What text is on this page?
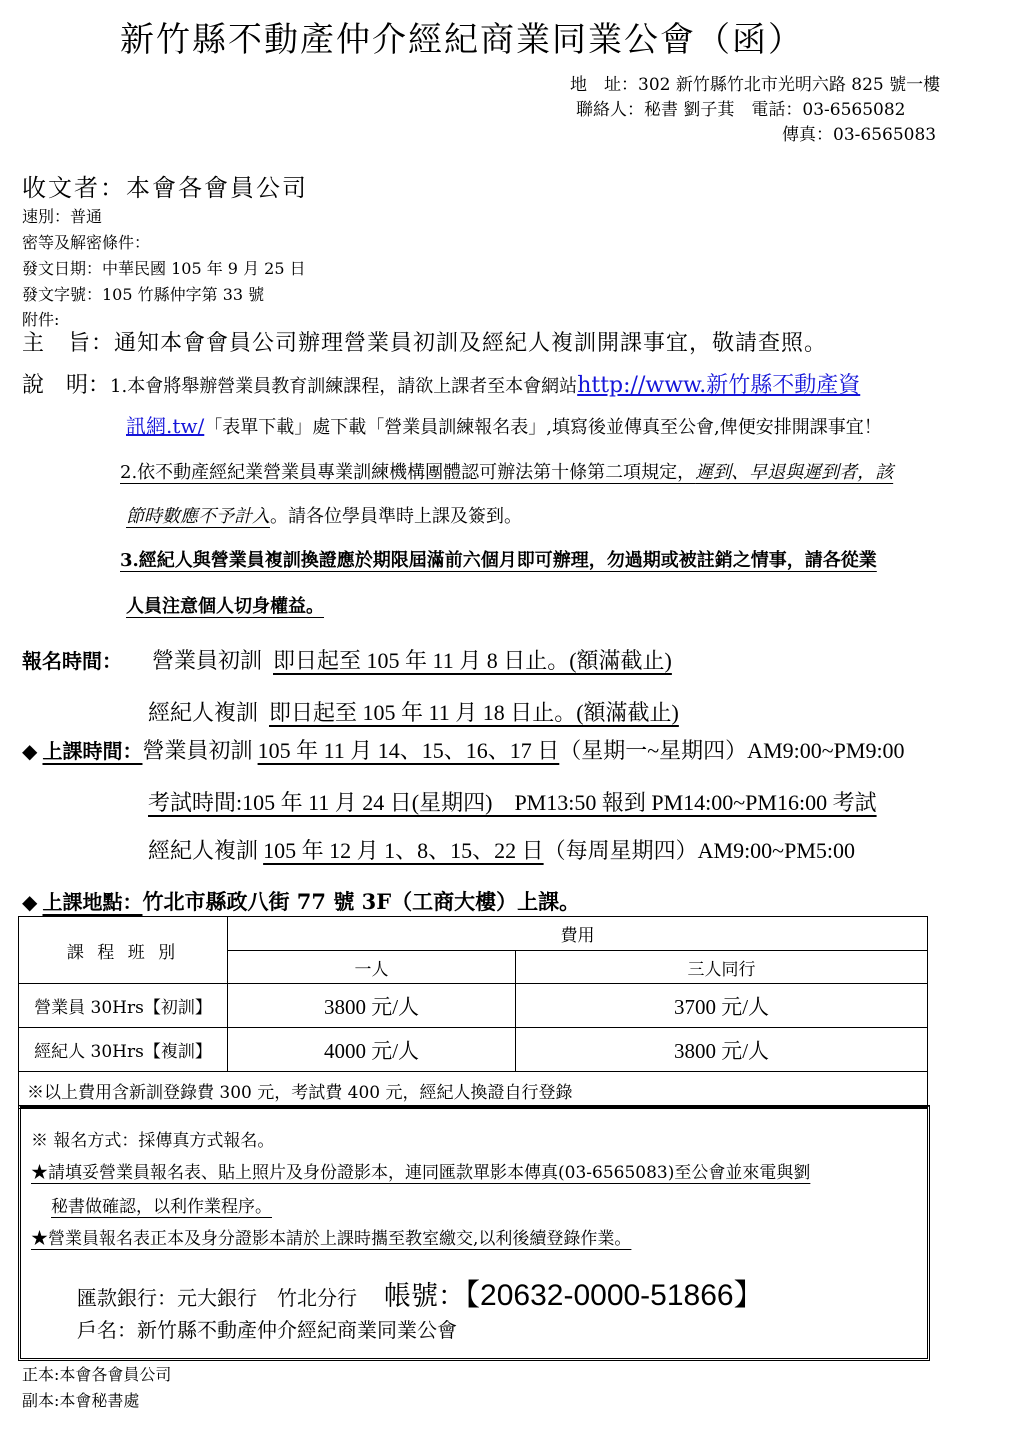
新竹縣不動產仲介經紀商業同業公會（函）
地　址：302 新竹縣竹北市光明六路 825 號一樓
聯絡人：秘書 劉子萁　電話：03-6565082
傳真：03-6565083
收文者：本會各會員公司
速別：普通
密等及解密條件：
發文日期：中華民國 105 年 9 月 25 日
發文字號：105 竹縣仲字第 33 號
附件:
主　旨：通知本會會員公司辦理營業員初訓及經紀人複訓開課事宜，敬請查照。
說　明：1.本會將舉辦營業員教育訓練課程，請欲上課者至本會網站http://www.新竹縣不動產資
訊網.tw/「表單下載」處下載「營業員訓練報名表」,填寫後並傳真至公會,俾便安排開課事宜！
2.依不動產經紀業營業員專業訓練機構團體認可辦法第十條第二項規定，遲到、早退與遲到者，該
節時數應不予計入。請各位學員準時上課及簽到。
3.經紀人與營業員複訓換證應於期限屆滿前六個月即可辦理，勿過期或被註銷之情事，請各從業
人員注意個人切身權益。
報名時間： 營業員初訓 即日起至 105 年 11 月 8 日止。(額滿截止)
經紀人複訓 即日起至 105 年 11 月 18 日止。(額滿截止)
◆ 上課時間：營業員初訓 105 年 11 月 14、15、16、17 日（星期一~星期四）AM9:00~PM9:00
考試時間:105 年 11 月 24 日(星期四)　PM13:50 報到 PM14:00~PM16:00 考試
經紀人複訓 105 年 12 月 1、8、15、22 日（每周星期四）AM9:00~PM5:00
◆ 上課地點：竹北市縣政八街 77 號 3F（工商大樓）上課。
課 程 班 別	費用	
	一人	三人同行
營業員 30Hrs【初訓】	3800 元/人	3700 元/人
經紀人 30Hrs【複訓】	4000 元/人	3800 元/人
※以上費用含新訓登錄費 300 元，考試費 400 元，經紀人換證自行登錄		
※ 報名方式：採傳真方式報名。
★請填妥營業員報名表、貼上照片及身份證影本，連同匯款單影本傳真(03-6565083)至公會並來電與劉
秘書做確認，以利作業程序。
★營業員報名表正本及身分證影本請於上課時攜至教室繳交,以利後續登錄作業。
匯款銀行：元大銀行　竹北分行 帳號：【20632-0000-51866】
戶名：新竹縣不動產仲介經紀商業同業公會
正本:本會各會員公司
副本:本會秘書處
